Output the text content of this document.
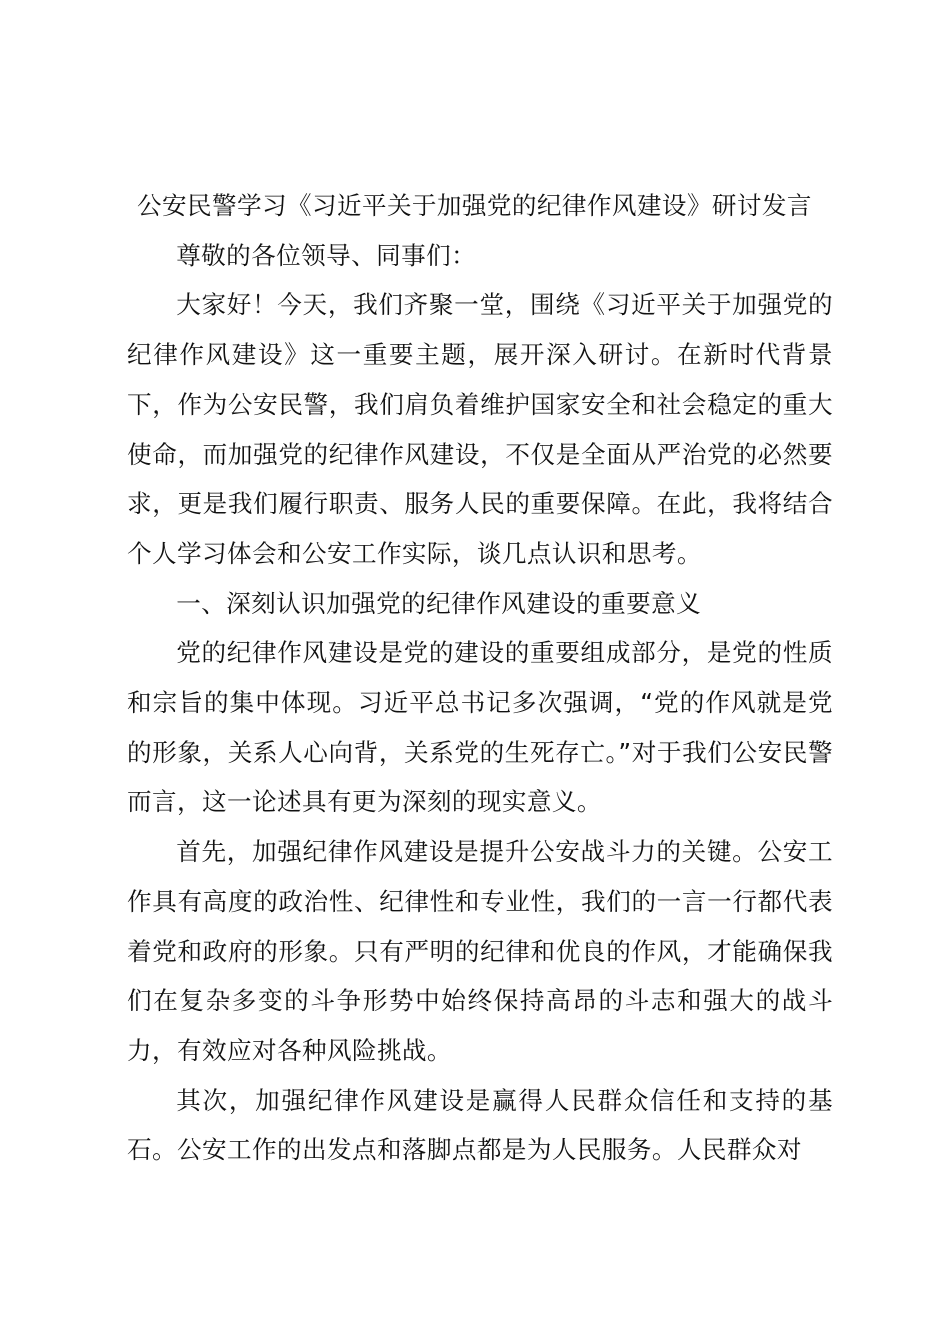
公安民警学习《习近平关于加强党的纪律作风建设》研讨发言

尊敬的各位领导、同事们：

大家好！今天，我们齐聚一堂，围绕《习近平关于加强党的纪律作风建设》这一重要主题，展开深入研讨。在新时代背景下，作为公安民警，我们肩负着维护国家安全和社会稳定的重大使命，而加强党的纪律作风建设，不仅是全面从严治党的必然要求，更是我们履行职责、服务人民的重要保障。在此，我将结合个人学习体会和公安工作实际，谈几点认识和思考。

一、深刻认识加强党的纪律作风建设的重要意义

党的纪律作风建设是党的建设的重要组成部分，是党的性质和宗旨的集中体现。习近平总书记多次强调，“党的作风就是党的形象，关系人心向背，关系党的生死存亡。”对于我们公安民警而言，这一论述具有更为深刻的现实意义。

首先，加强纪律作风建设是提升公安战斗力的关键。公安工作具有高度的政治性、纪律性和专业性，我们的一言一行都代表着党和政府的形象。只有严明的纪律和优良的作风，才能确保我们在复杂多变的斗争形势中始终保持高昂的斗志和强大的战斗力，有效应对各种风险挑战。

其次，加强纪律作风建设是赢得人民群众信任和支持的基石。公安工作的出发点和落脚点都是为人民服务。人民群众对
